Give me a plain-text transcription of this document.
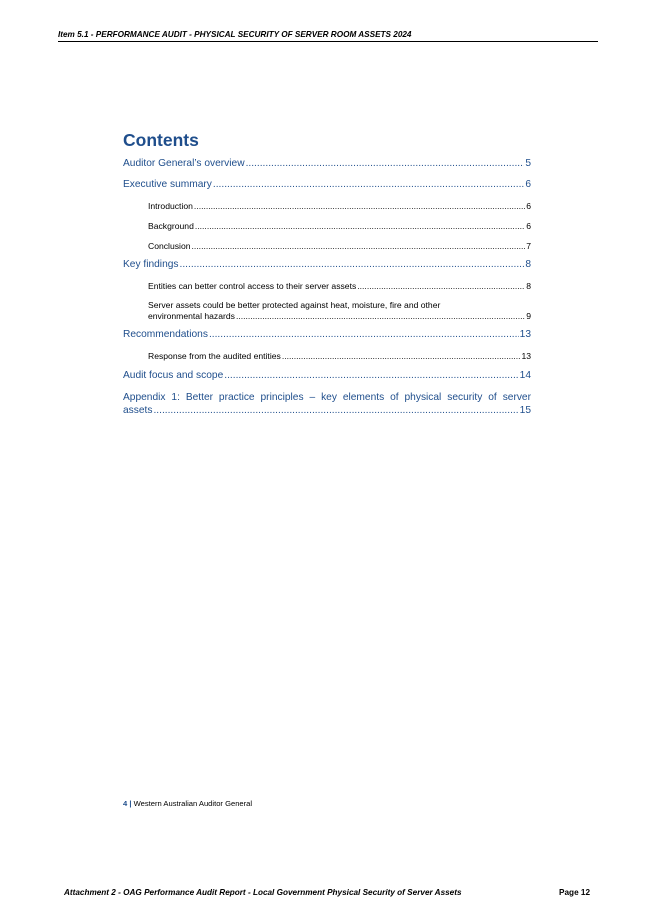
Item 5.1 - PERFORMANCE AUDIT - PHYSICAL SECURITY OF SERVER ROOM ASSETS 2024
Contents
Auditor General’s overview .....	5
Executive summary .....	6
Introduction .....	6
Background .....	6
Conclusion .....	7
Key findings .....	8
Entities can better control access to their server assets .....	8
Server assets could be better protected against heat, moisture, fire and other
environmental hazards .....	9
Recommendations .....	13
Response from the audited entities .....	13
Audit focus and scope .....	14
Appendix 1: Better practice principles – key elements of physical security of server
assets .....	15
4 | Western Australian Auditor General
Attachment 2 - OAG Performance Audit Report - Local Government Physical Security of Server Assets	Page 12
